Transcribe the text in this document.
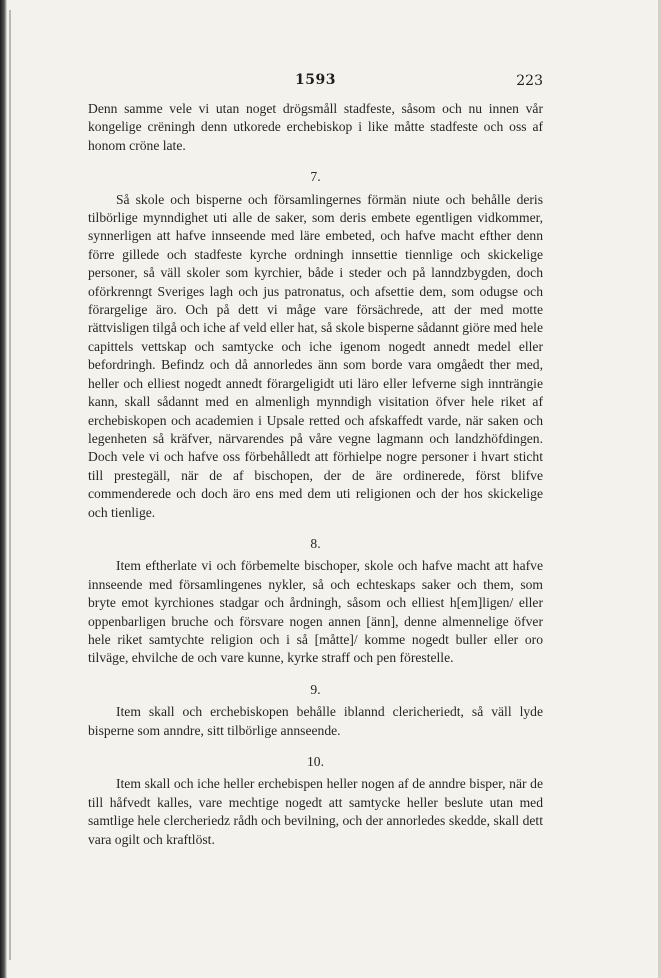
1593	223

Denn samme vele vi utan noget drögsmåll stadfeste, såsom och nu innen vår kongelige crëningh denn utkorede erchebiskop i like måtte stadfeste och oss af honom cröne late.

7.

Så skole och bisperne och församlingernes förmän niute och behålle deris tilbörlige mynndighet uti alle de saker, som deris embete egentligen vidkommer, synnerligen att hafve innseende med läre embeted, och hafve macht efther denn förre gillede och stadfeste kyrche ordningh innsettie tiennlige och skickelige personer, så väll skoler som kyrchier, både i steder och på lanndzbygden, doch oförkrenngt Sveriges lagh och jus patronatus, och afsettie dem, som odugse och förargelige äro. Och på dett vi måge vare försächrede, att der med motte rättvisligen tilgå och iche af veld eller hat, så skole bisperne sådannt giöre med hele capittels vettskap och samtycke och iche igenom nogedt annedt medel eller befordringh. Befindz och då annorledes änn som borde vara omgåedt ther med, heller och elliest nogedt annedt förargeligidt uti läro eller lefverne sigh innträngie kann, skall sådannt med en almenligh mynndigh visitation öfver hele riket af erchebiskopen och academien i Upsale retted och afskaffedt varde, när saken och legenheten så kräfver, närvarendes på våre vegne lagmann och landzhöfdingen. Doch vele vi och hafve oss förbehålledt att förhielpe nogre personer i hvart sticht till prestegäll, när de af bischopen, der de äre ordinerede, först blifve commenderede och doch äro ens med dem uti religionen och der hos skickelige och tienlige.

8.

Item eftherlate vi och förbemelte bischoper, skole och hafve macht att hafve innseende med församlingenes nykler, så och echteskaps saker och them, som bryte emot kyrchiones stadgar och årdningh, såsom och elliest h[em]ligen/ eller oppenbarligen bruche och försvare nogen annen [änn], denne almennelige öfver hele riket samtychte religion och i så [måtte]/ komme nogedt buller eller oro tilväge, ehvilche de och vare kunne, kyrke straff och pen förestelle.

9.

Item skall och erchebiskopen behålle iblannd clericheriedt, så väll lyde bisperne som anndre, sitt tilbörlige annseende.

10.

Item skall och iche heller erchebispen heller nogen af de anndre bisper, när de till håfvedt kalles, vare mechtige nogedt att samtycke heller beslute utan med samtlige hele clercheriedz rådh och bevilning, och der annorledes skedde, skall dett vara ogilt och kraftlöst.
